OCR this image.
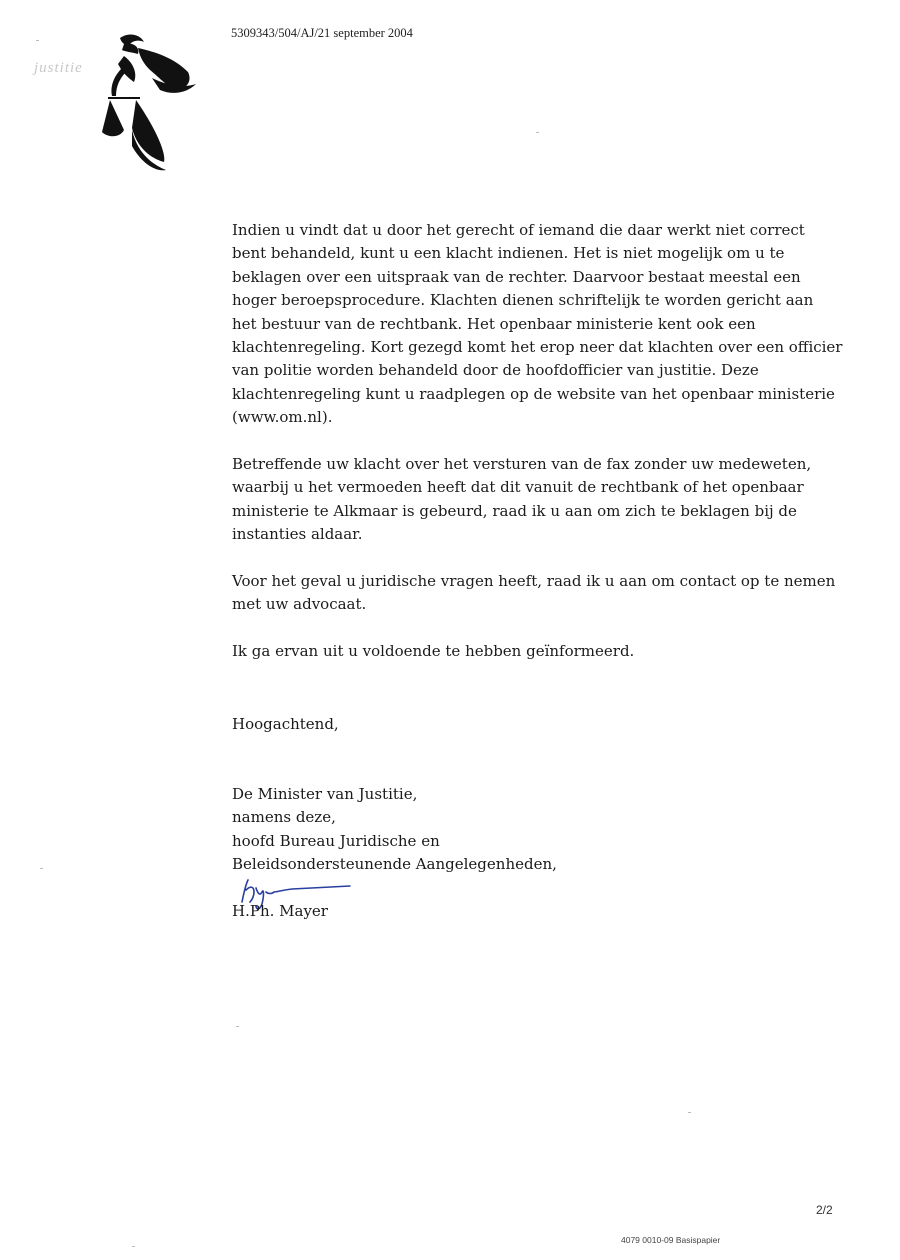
justitie
5309343/504/AJ/21 september 2004

Indien u vindt dat u door het gerecht of iemand die daar werkt niet correct
bent behandeld, kunt u een klacht indienen. Het is niet mogelijk om u te
beklagen over een uitspraak van de rechter. Daarvoor bestaat meestal een
hoger beroepsprocedure. Klachten dienen schriftelijk te worden gericht aan
het bestuur van de rechtbank. Het openbaar ministerie kent ook een
klachtenregeling. Kort gezegd komt het erop neer dat klachten over een officier
van politie worden behandeld door de hoofdofficier van justitie. Deze
klachtenregeling kunt u raadplegen op de website van het openbaar ministerie
(www.om.nl).

Betreffende uw klacht over het versturen van de fax zonder uw medeweten,
waarbij u het vermoeden heeft dat dit vanuit de rechtbank of het openbaar
ministerie te Alkmaar is gebeurd, raad ik u aan om zich te beklagen bij de
instanties aldaar.

Voor het geval u juridische vragen heeft, raad ik u aan om contact op te nemen
met uw advocaat.

Ik ga ervan uit u voldoende te hebben geïnformeerd.

Hoogachtend,
De Minister van Justitie,
namens deze,
hoofd Bureau Juridische en
Beleidsondersteunende Aangelegenheden,
H.Ph. Mayer
2/2
4079 0010-09 Basispapier
